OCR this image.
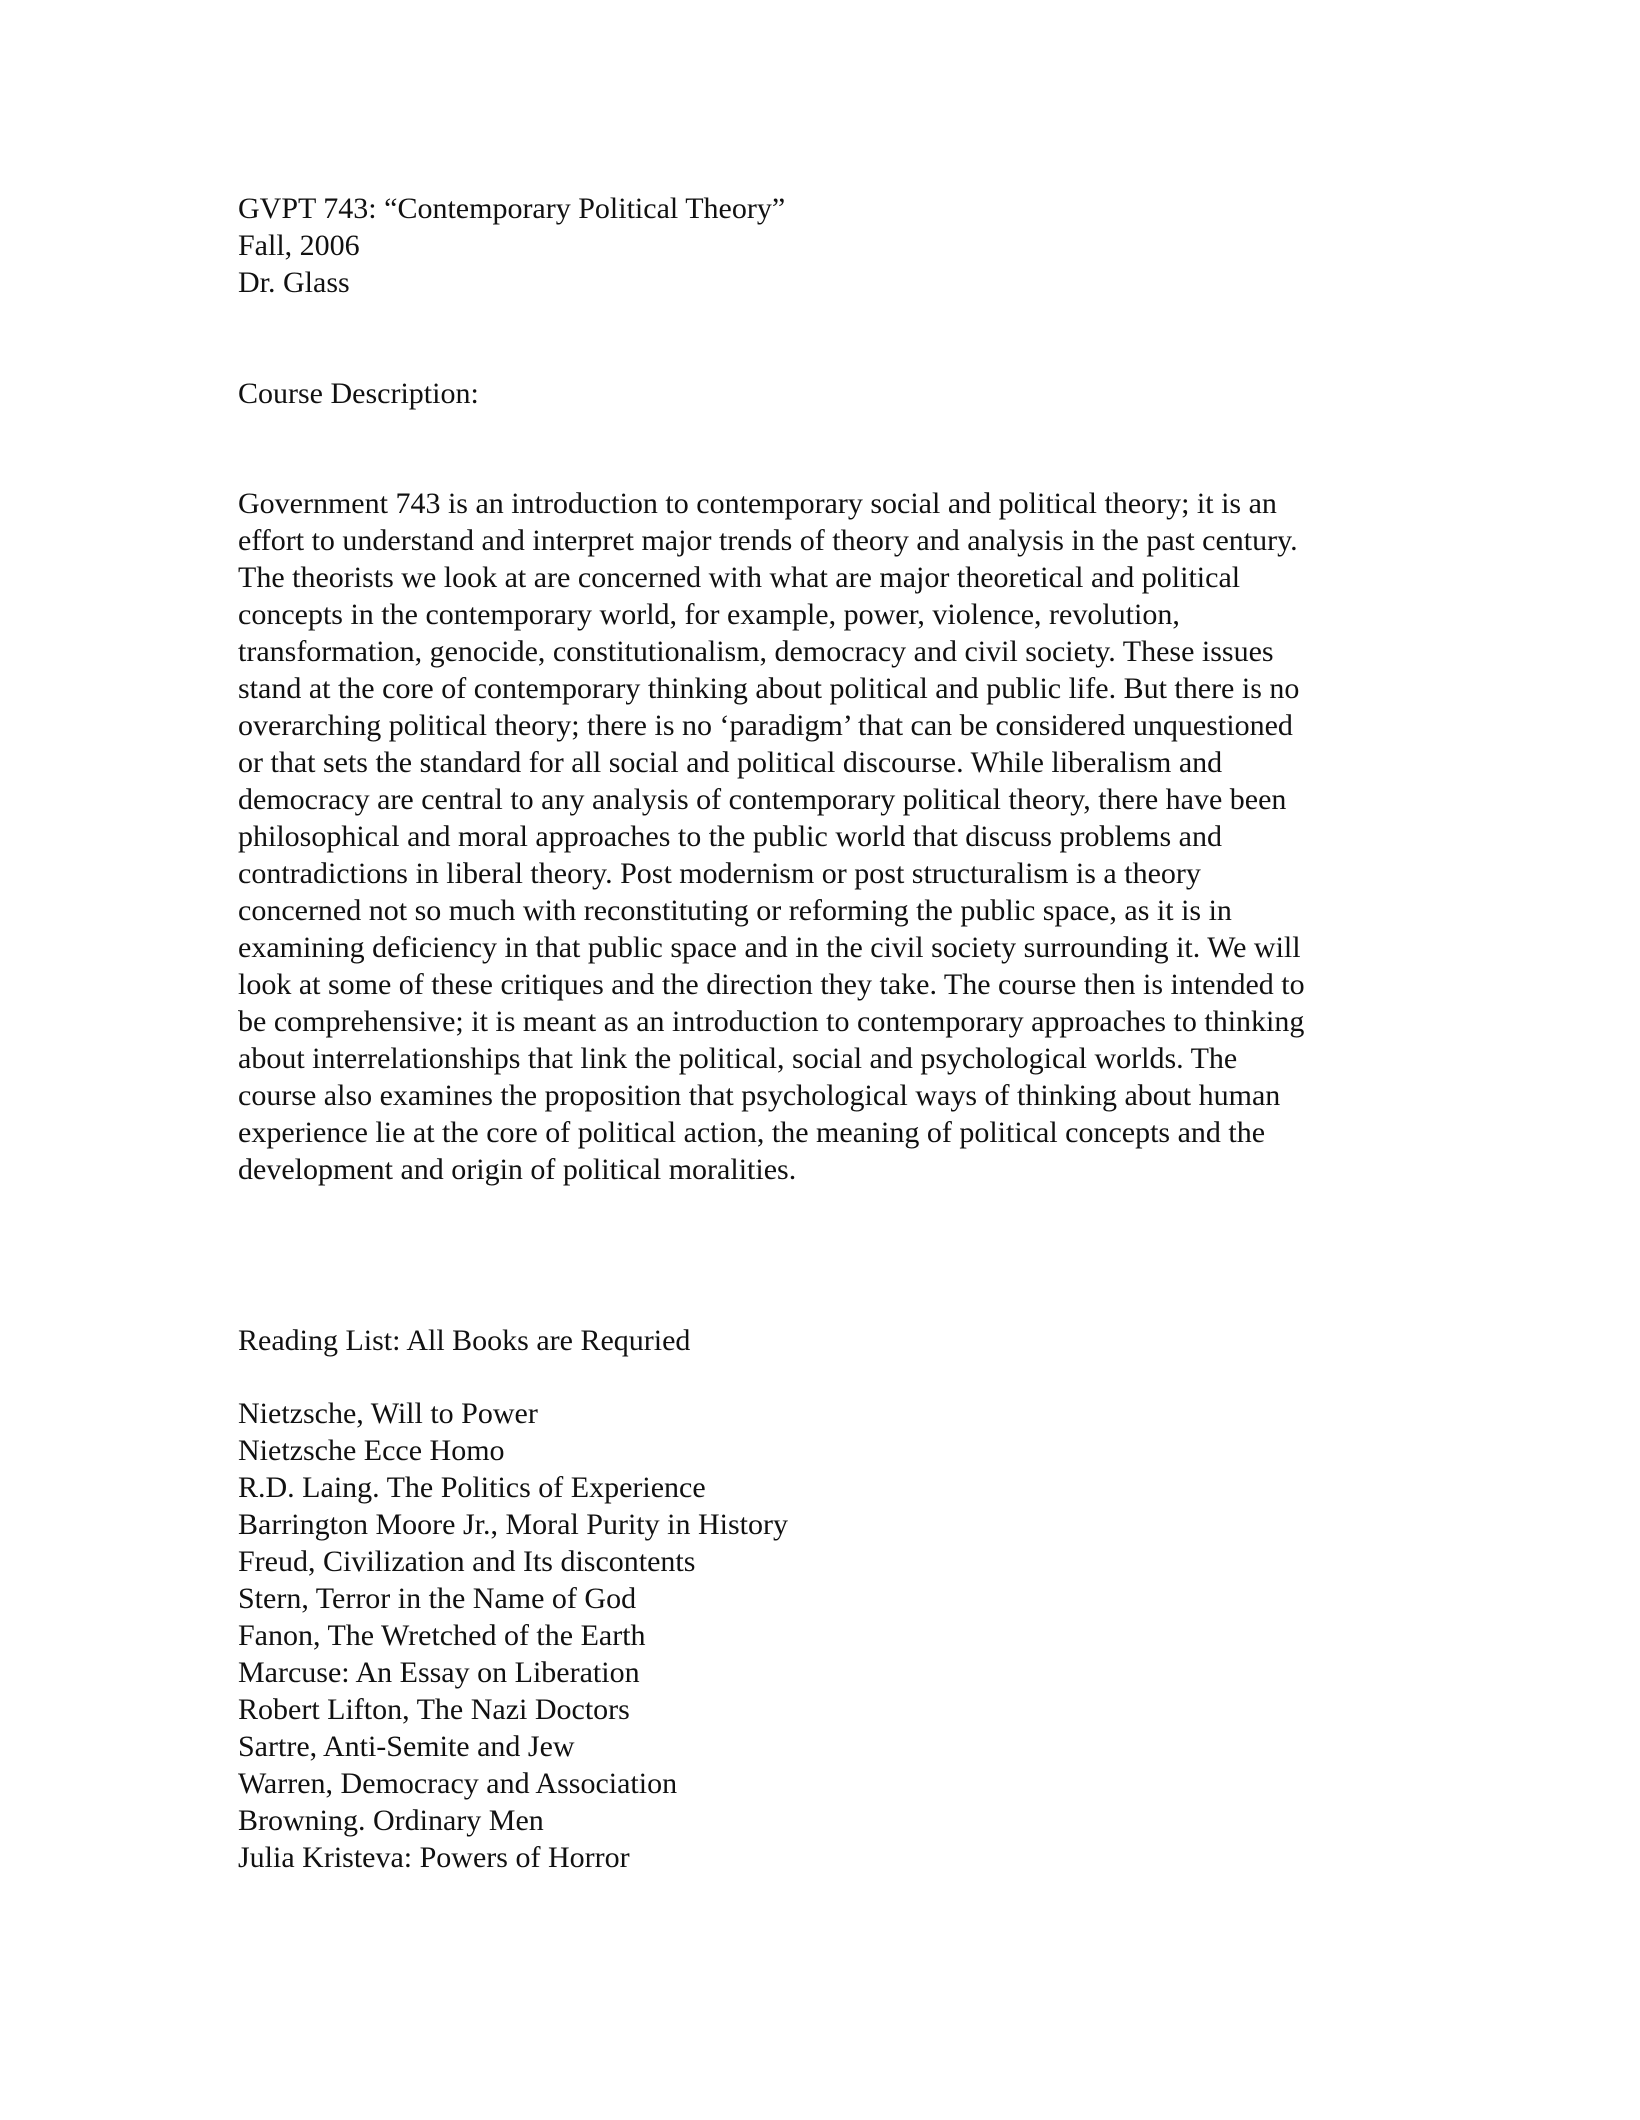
GVPT 743: “Contemporary Political Theory”
Fall, 2006
Dr. Glass
Course Description:
Government 743 is an introduction to contemporary social and political theory; it is an
effort to understand and interpret major trends of theory and analysis in the past century.
The theorists we look at are concerned with what are major theoretical and political
concepts in the contemporary world, for example, power, violence, revolution,
transformation, genocide, constitutionalism, democracy and civil society. These issues
stand at the core of contemporary thinking about political and public life. But there is no
overarching political theory; there is no ‘paradigm’ that can be considered unquestioned
or that sets the standard for all social and political discourse. While liberalism and
democracy are central to any analysis of contemporary political theory, there have been
philosophical and moral approaches to the public world that discuss problems and
contradictions in liberal theory. Post modernism or post structuralism is a theory
concerned not so much with reconstituting or reforming the public space, as it is in
examining deficiency in that public space and in the civil society surrounding it. We will
look at some of these critiques and the direction they take. The course then is intended to
be comprehensive; it is meant as an introduction to contemporary approaches to thinking
about interrelationships that link the political, social and psychological worlds. The
course also examines the proposition that psychological ways of thinking about human
experience lie at the core of political action, the meaning of political concepts and the
development and origin of political moralities.
Reading List: All Books are Requried
Nietzsche, Will to Power
Nietzsche Ecce Homo
R.D. Laing. The Politics of Experience
Barrington Moore Jr., Moral Purity in History
Freud, Civilization and Its discontents
Stern, Terror in the Name of God
Fanon, The Wretched of the Earth
Marcuse: An Essay on Liberation
Robert Lifton, The Nazi Doctors
Sartre, Anti-Semite and Jew
Warren, Democracy and Association
Browning. Ordinary Men
Julia Kristeva: Powers of Horror
